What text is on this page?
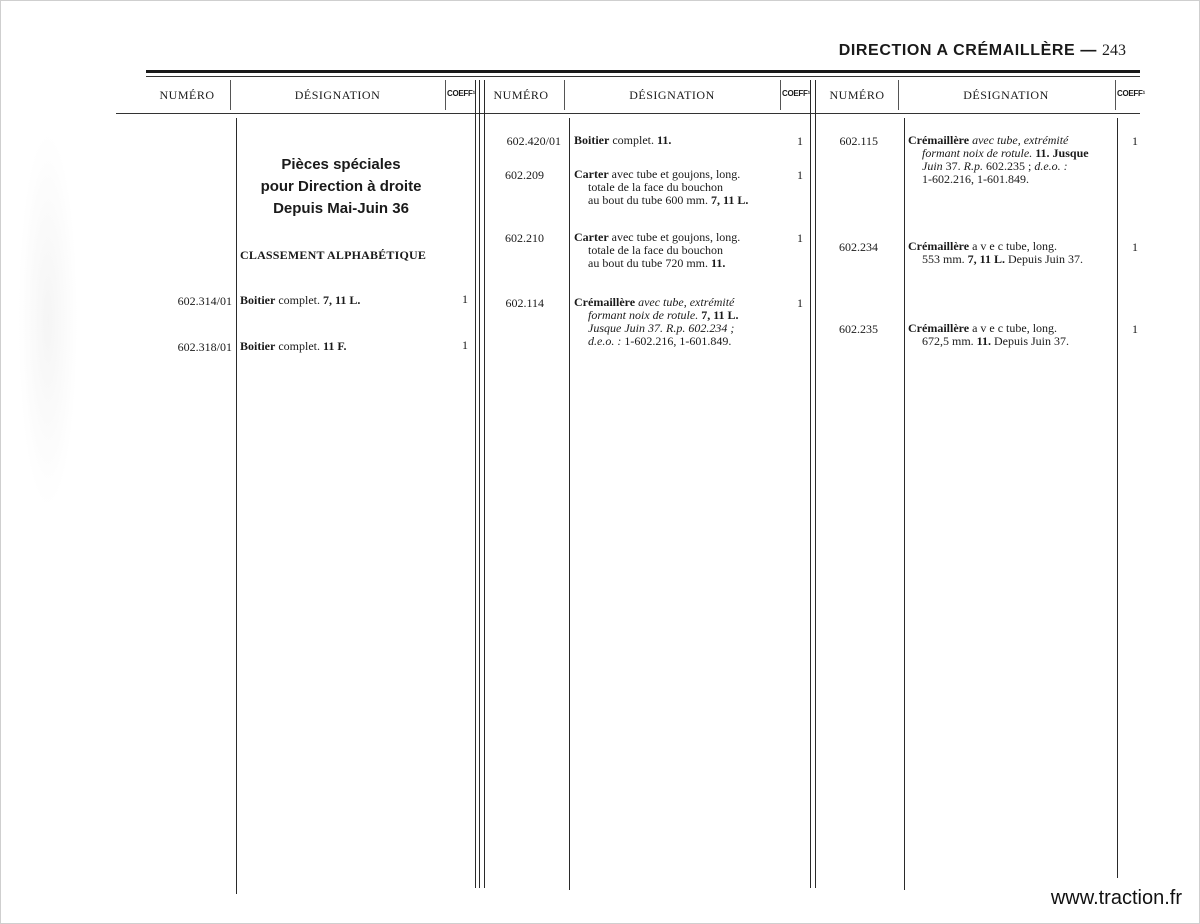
DIRECTION A CRÉMAILLÈRE — 243
NUMÉRO	DÉSIGNATION	COEFF¹	NUMÉRO	DÉSIGNATION	COEFF¹	NUMÉRO	DÉSIGNATION	COEFF¹
Pièces spéciales
pour Direction à droite
Depuis Mai-Juin 36
CLASSEMENT ALPHABÉTIQUE
602.314/01 Boitier complet. 7, 11 L.	1
602.318/01 Boitier complet. 11 F.	1
602.420/01 Boitier complet. 11.	1
602.209	Carter avec tube et goujons, long.
totale de la face du bouchon
au bout du tube 600 mm. 7, 11 L.
1
602.210	Carter avec tube et goujons, long.
totale de la face du bouchon
au bout du tube 720 mm. 11.
1
602.114	Crémaillère avec tube, extrémité
formant noix de rotule. 7, 11 L.
Jusque Juin 37. R.p. 602.234 ;
d.e.o. : 1-602.216, 1-601.849.
1
602.115	Crémaillère avec tube, extrémité
formant noix de rotule. 11. Jusque
Juin 37. R.p. 602.235 ; d.e.o. :
1-602.216, 1-601.849.
1
602.234	Crémaillère a v e c tube, long.
553 mm. 7, 11 L. Depuis Juin 37.
1
602.235	Crémaillère a v e c tube, long.
672,5 mm. 11. Depuis Juin 37.
1
www.traction.fr
